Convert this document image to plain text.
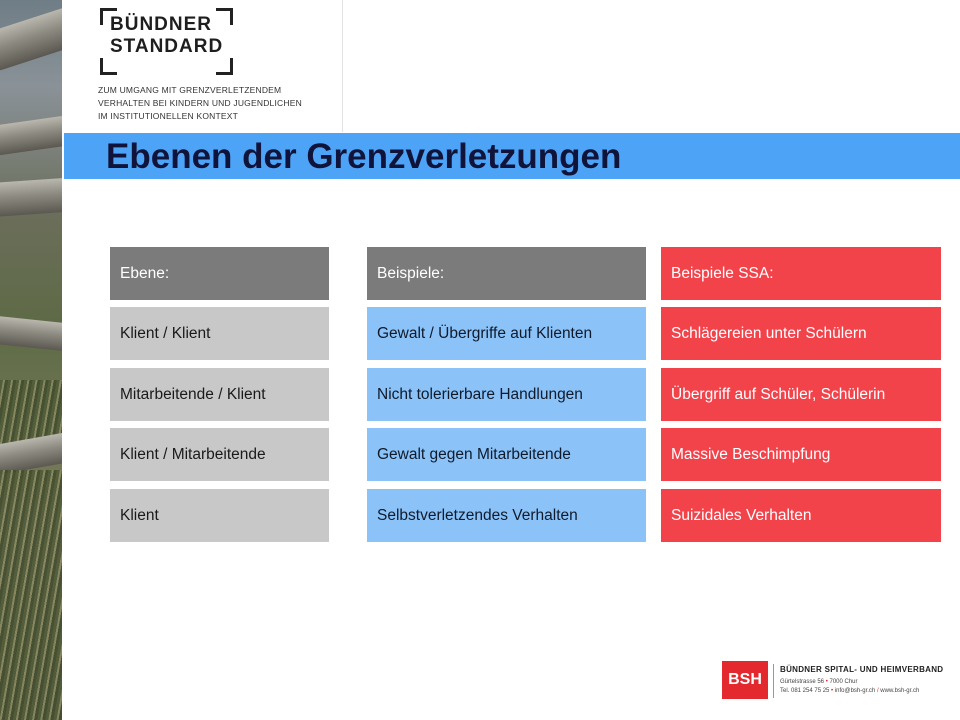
BÜNDNER
STANDARD
ZUM UMGANG MIT GRENZVERLETZENDEM
VERHALTEN BEI KINDERN UND JUGENDLICHEN
IM INSTITUTIONELLEN KONTEXT
Ebenen der Grenzverletzungen
Ebene:	Beispiele:	Beispiele SSA:
Klient / Klient	Gewalt / Übergriffe auf Klienten	Schlägereien unter Schülern
Mitarbeitende / Klient	Nicht tolerierbare Handlungen	Übergriff auf Schüler, Schülerin
Klient / Mitarbeitende	Gewalt gegen Mitarbeitende	Massive Beschimpfung
Klient	Selbstverletzendes Verhalten	Suizidales Verhalten
BSH
BÜNDNER SPITAL- UND HEIMVERBAND
Gürtelstrasse 56 • 7000 Chur
Tel. 081 254 75 25 • info@bsh-gr.ch / www.bsh-gr.ch
